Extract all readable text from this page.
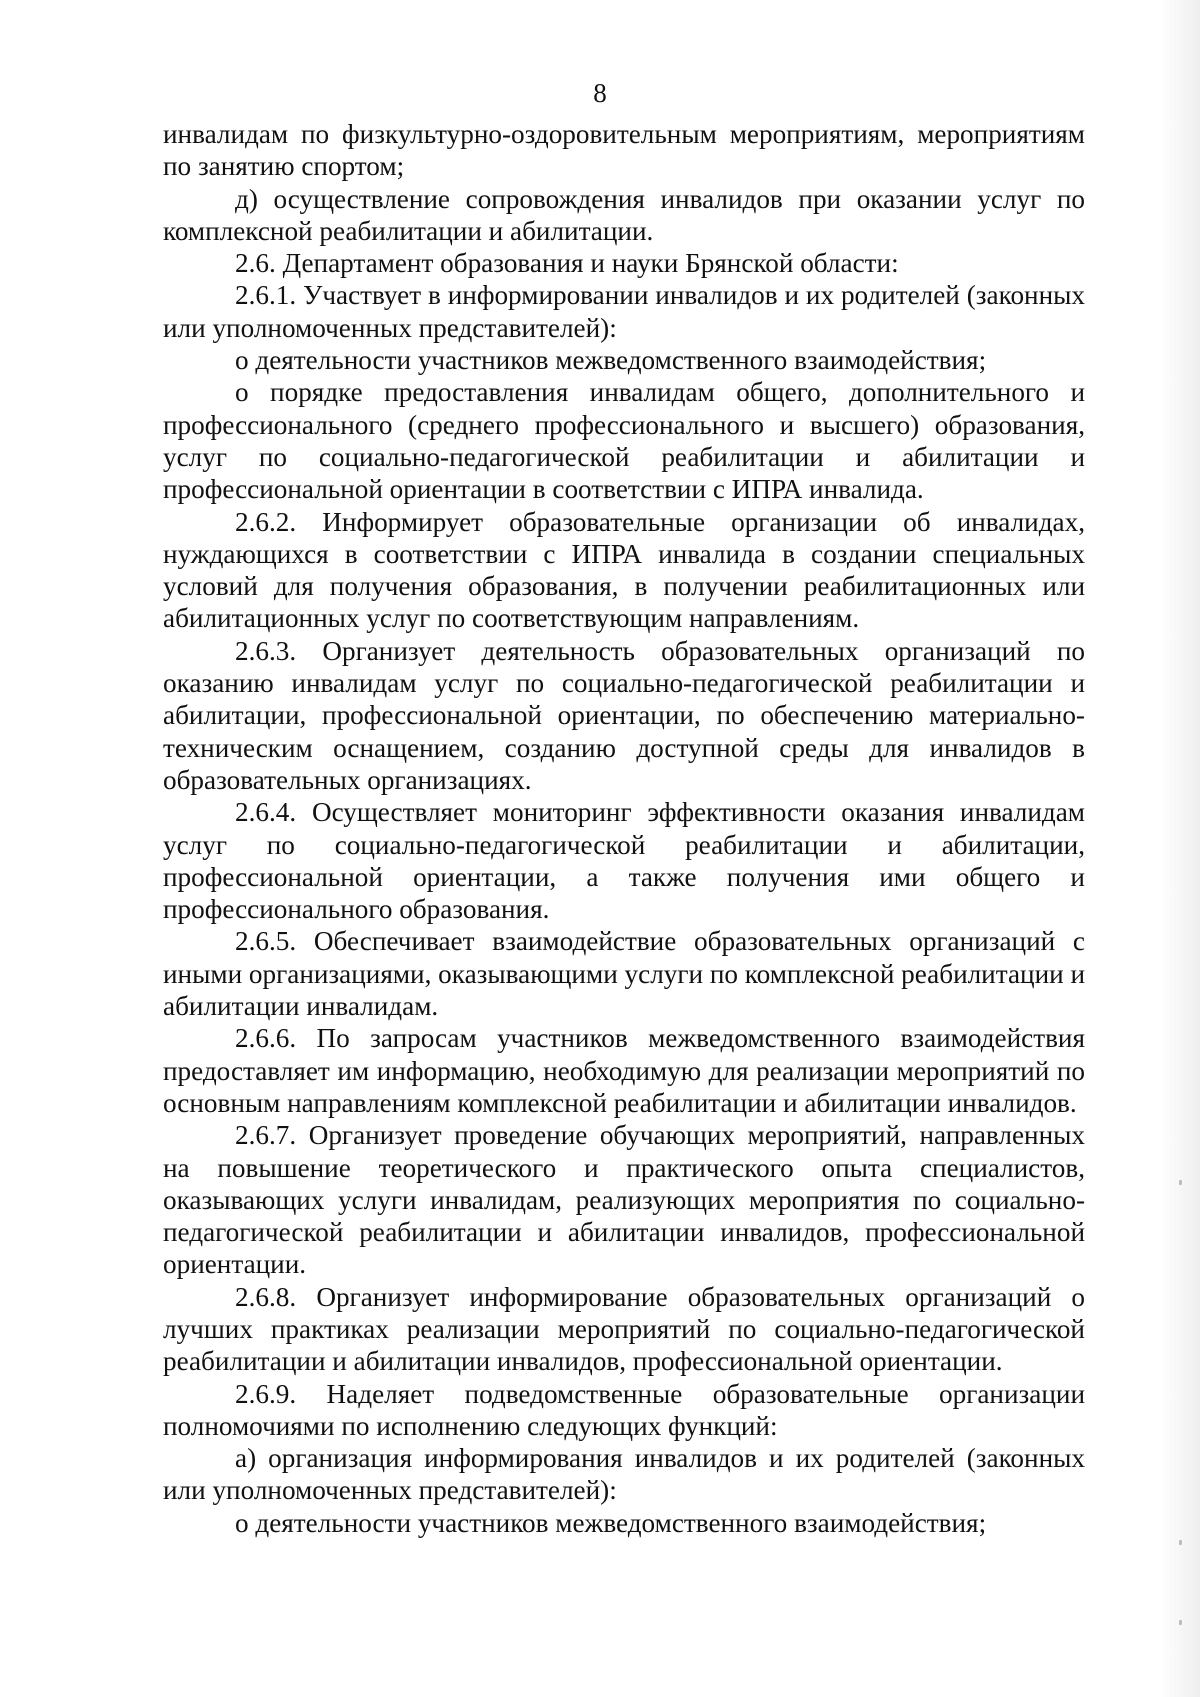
8

инвалидам по физкультурно-оздоровительным мероприятиям, мероприятиям по занятию спортом;

д) осуществление сопровождения инвалидов при оказании услуг по комплексной реабилитации и абилитации.

2.6. Департамент образования и науки Брянской области:

2.6.1. Участвует в информировании инвалидов и их родителей (законных или уполномоченных представителей):

о деятельности участников межведомственного взаимодействия;

о порядке предоставления инвалидам общего, дополнительного и профессионального (среднего профессионального и высшего) образования, услуг по социально-педагогической реабилитации и абилитации и профессиональной ориентации в соответствии с ИПРА инвалида.

2.6.2. Информирует образовательные организации об инвалидах, нуждающихся в соответствии с ИПРА инвалида в создании специальных условий для получения образования, в получении реабилитационных или абилитационных услуг по соответствующим направлениям.

2.6.3. Организует деятельность образовательных организаций по оказанию инвалидам услуг по социально-педагогической реабилитации и абилитации, профессиональной ориентации, по обеспечению материально-техническим оснащением, созданию доступной среды для инвалидов в образовательных организациях.

2.6.4. Осуществляет мониторинг эффективности оказания инвалидам услуг по социально-педагогической реабилитации и абилитации, профессиональной ориентации, а также получения ими общего и профессионального образования.

2.6.5. Обеспечивает взаимодействие образовательных организаций с иными организациями, оказывающими услуги по комплексной реабилитации и абилитации инвалидам.

2.6.6. По запросам участников межведомственного взаимодействия предоставляет им информацию, необходимую для реализации мероприятий по основным направлениям комплексной реабилитации и абилитации инвалидов.

2.6.7. Организует проведение обучающих мероприятий, направленных на повышение теоретического и практического опыта специалистов, оказывающих услуги инвалидам, реализующих мероприятия по социально-педагогической реабилитации и абилитации инвалидов, профессиональной ориентации.

2.6.8. Организует информирование образовательных организаций о лучших практиках реализации мероприятий по социально-педагогической реабилитации и абилитации инвалидов, профессиональной ориентации.

2.6.9. Наделяет подведомственные образовательные организации полномочиями по исполнению следующих функций:

а) организация информирования инвалидов и их родителей (законных или уполномоченных представителей):

о деятельности участников межведомственного взаимодействия;
